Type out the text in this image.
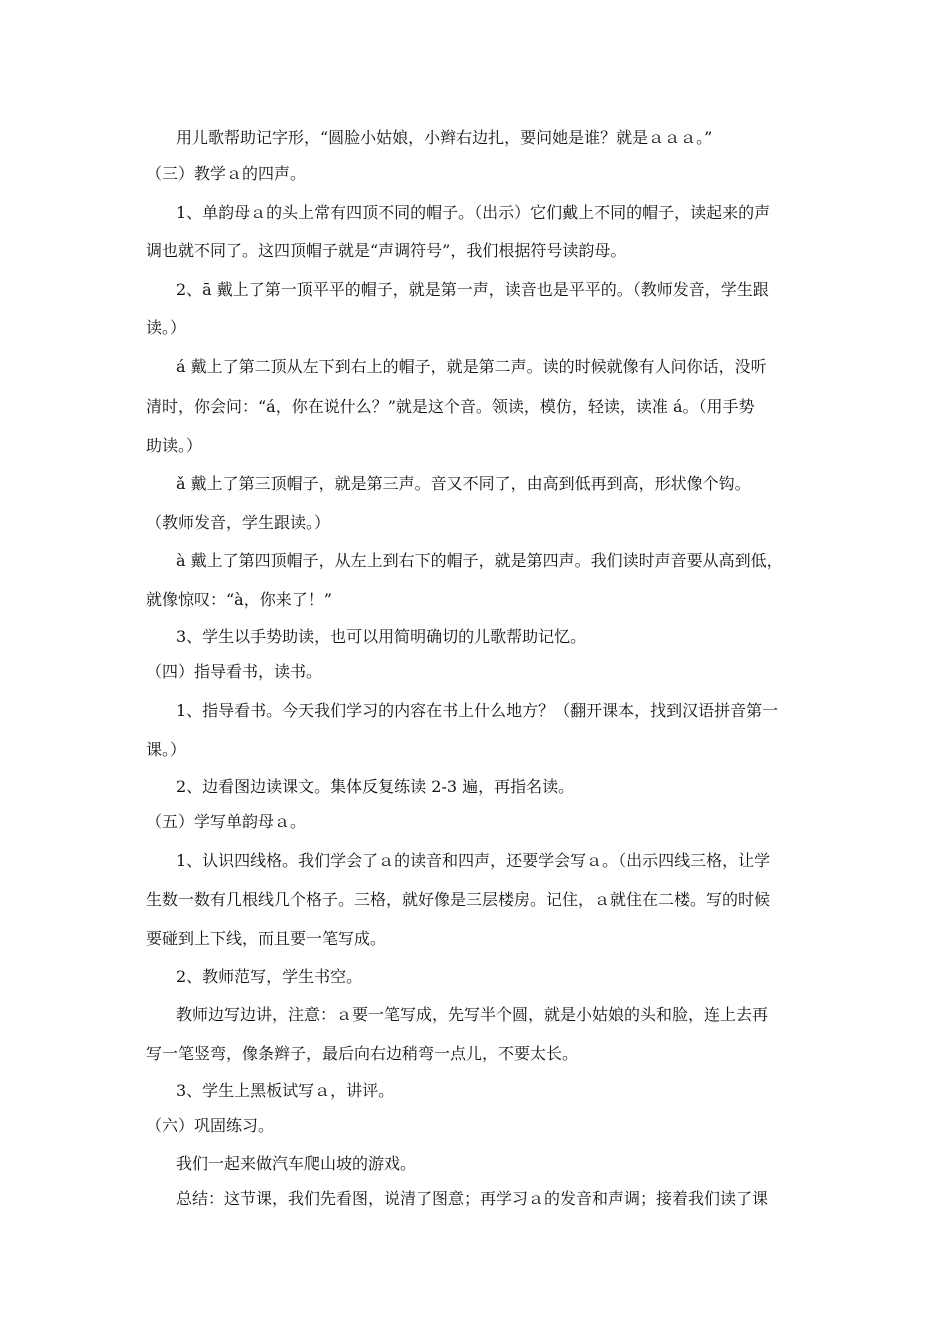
用儿歌帮助记字形，“圆脸小姑娘，小辫右边扎，要问她是谁？就是ａａａ。”
（三）教学ａ的四声。
1、单韵母ａ的头上常有四顶不同的帽子。（出示）它们戴上不同的帽子，读起来的声
调也就不同了。这四顶帽子就是“声调符号”，我们根据符号读韵母。
2、ā 戴上了第一顶平平的帽子，就是第一声，读音也是平平的。（教师发音，学生跟
读。）
á 戴上了第二顶从左下到右上的帽子，就是第二声。读的时候就像有人问你话，没听
清时，你会问：“á，你在说什么？”就是这个音。领读，模仿，轻读，读准 á。（用手势
助读。）
ǎ 戴上了第三顶帽子，就是第三声。音又不同了，由高到低再到高，形状像个钩。
（教师发音，学生跟读。）
à 戴上了第四顶帽子，从左上到右下的帽子，就是第四声。我们读时声音要从高到低，
就像惊叹：“à，你来了！”
3、学生以手势助读，也可以用简明确切的儿歌帮助记忆。
（四）指导看书，读书。
1、指导看书。今天我们学习的内容在书上什么地方？（翻开课本，找到汉语拼音第一
课。）
2、边看图边读课文。集体反复练读 2-3 遍，再指名读。
（五）学写单韵母ａ。
1、认识四线格。我们学会了ａ的读音和四声，还要学会写ａ。（出示四线三格，让学
生数一数有几根线几个格子。三格，就好像是三层楼房。记住，ａ就住在二楼。写的时候
要碰到上下线，而且要一笔写成。
2、教师范写，学生书空。
教师边写边讲，注意：ａ要一笔写成，先写半个圆，就是小姑娘的头和脸，连上去再
写一笔竖弯，像条辫子，最后向右边稍弯一点儿，不要太长。
3、学生上黑板试写ａ，讲评。
（六）巩固练习。
我们一起来做汽车爬山坡的游戏。
总结：这节课，我们先看图，说清了图意；再学习ａ的发音和声调；接着我们读了课
